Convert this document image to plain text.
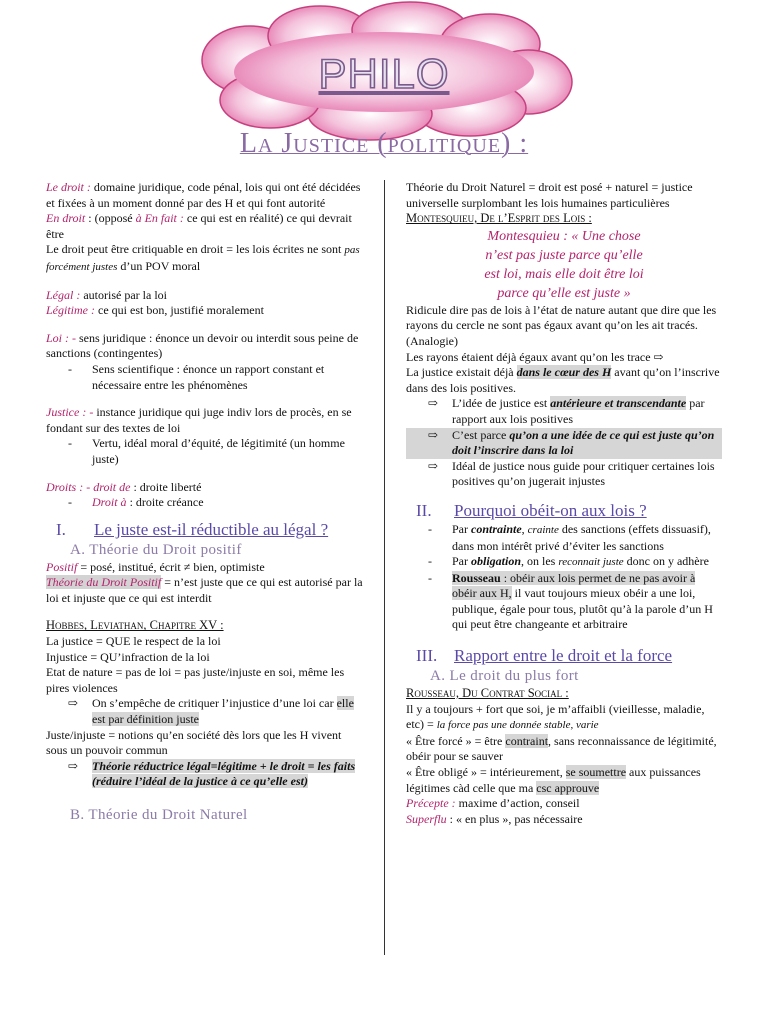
PHILO
La Justice (politique) :

Le droit : domaine juridique, code pénal, lois qui ont été décidées et fixées à un moment donné par des H et qui font autorité

En droit : (opposé à En fait : ce qui est en réalité) ce qui devrait être

Le droit peut être critiquable en droit = les lois écrites ne sont pas forcément justes d’un POV moral

Légal : autorisé par la loi

Légitime : ce qui est bon, justifié moralement

Loi : - sens juridique : énonce un devoir ou interdit sous peine de sanctions (contingentes)

- Sens scientifique : énonce un rapport constant et nécessaire entre les phénomènes

Justice : - instance juridique qui juge indiv lors de procès, en se fondant sur des textes de loi

- Vertu, idéal moral d’équité, de légitimité (un homme juste)

Droits : - droit de : droite liberté

- Droit à : droite créance

I. Le juste est-il réductible au légal ?
A. Théorie du Droit positif

Positif = posé, institué, écrit ≠ bien, optimiste

Théorie du Droit Positif = n’est juste que ce qui est autorisé par la loi et injuste que ce qui est interdit

Hobbes, Leviathan, Chapitre XV :

La justice = QUE le respect de la loi

Injustice = QU’infraction de la loi

Etat de nature = pas de loi = pas juste/injuste en soi, même les pires violences

⇨ On s’empêche de critiquer l’injustice d’une loi car elle est par définition juste

Juste/injuste = notions qu’en société dès lors que les H vivent sous un pouvoir commun

⇨ Théorie réductrice légal=légitime + le droit = les faits (réduire l’idéal de la justice à ce qu’elle est)

B. Théorie du Droit Naturel

Théorie du Droit Naturel = droit est posé + naturel = justice universelle surplombant les lois humaines particulières

Montesquieu, De l’Esprit des Lois :

Montesquieu : « Une chose
n’est pas juste parce qu’elle
est loi, mais elle doit être loi
parce qu’elle est juste »

Ridicule dire pas de lois à l’état de nature autant que dire que les rayons du cercle ne sont pas égaux avant qu’on les ait tracés. (Analogie)

Les rayons étaient déjà égaux avant qu’on les trace ⇨

La justice existait déjà dans le cœur des H avant qu’on l’inscrive dans des lois positives.

⇨ L’idée de justice est antérieure et transcendante par rapport aux lois positives

⇨ C’est parce qu’on a une idée de ce qui est juste qu’on doit l’inscrire dans la loi

⇨ Idéal de justice nous guide pour critiquer certaines lois positives qu’on jugerait injustes

II. Pourquoi obéit-on aux lois ?

- Par contrainte, crainte des sanctions (effets dissuasif), dans mon intérêt privé d’éviter les sanctions

- Par obligation, on les reconnait juste donc on y adhère

- Rousseau : obéir aux lois permet de ne pas avoir à obéir aux H, il vaut toujours mieux obéir a une loi, publique, égale pour tous, plutôt qu’à la parole d’un H qui peut être changeante et arbitraire

III. Rapport entre le droit et la force
A. Le droit du plus fort

Rousseau, Du Contrat Social :

Il y a toujours + fort que soi, je m’affaibli (vieillesse, maladie, etc) = la force pas une donnée stable, varie

« Être forcé » = être contraint, sans reconnaissance de légitimité, obéir pour se sauver

« Être obligé » = intérieurement, se soumettre aux puissances légitimes càd celle que ma csc approuve

Précepte : maxime d’action, conseil

Superflu : « en plus », pas nécessaire
